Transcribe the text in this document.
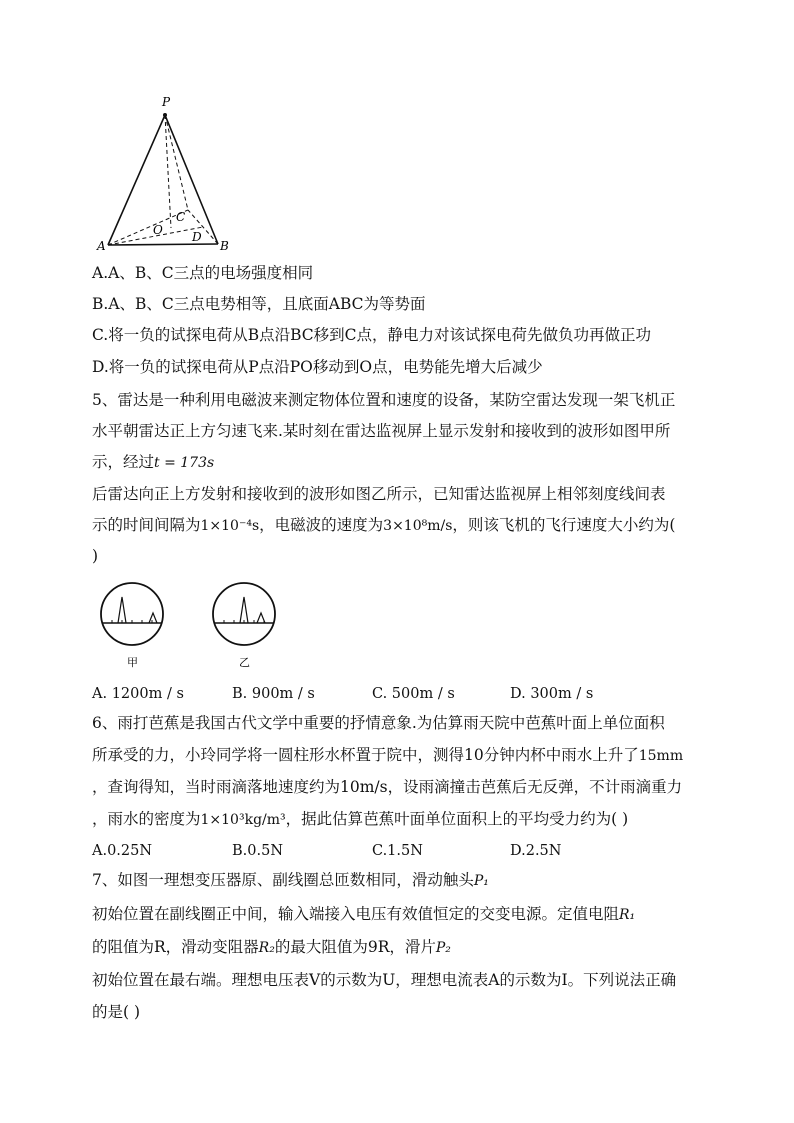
P
A	B
C
O D
A.A、B、C三点的电场强度相同
B.A、B、C三点电势相等，且底面ABC为等势面
C.将一负的试探电荷从B点沿BC移到C点，静电力对该试探电荷先做负功再做正功
D.将一负的试探电荷从P点沿PO移动到O点，电势能先增大后减少
5、雷达是一种利用电磁波来测定物体位置和速度的设备，某防空雷达发现一架飞机正
水平朝雷达正上方匀速飞来.某时刻在雷达监视屏上显示发射和接收到的波形如图甲所
示，经过t = 173s
后雷达向正上方发射和接收到的波形如图乙所示，已知雷达监视屏上相邻刻度线间表
示的时间间隔为1×10⁻⁴s，电磁波的速度为3×10⁸m/s，则该飞机的飞行速度大小约为(
)
甲	乙
A. 1200m / s	B. 900m / s	C. 500m / s	D. 300m / s
6、雨打芭蕉是我国古代文学中重要的抒情意象.为估算雨天院中芭蕉叶面上单位面积
所承受的力，小玲同学将一圆柱形水杯置于院中，测得10分钟内杯中雨水上升了15mm
，查询得知，当时雨滴落地速度约为10m/s，设雨滴撞击芭蕉后无反弹，不计雨滴重力
，雨水的密度为1×10³kg/m³，据此估算芭蕉叶面单位面积上的平均受力约为( )
A.0.25N	B.0.5N	C.1.5N	D.2.5N
7、如图一理想变压器原、副线圈总匝数相同，滑动触头P₁
初始位置在副线圈正中间，输入端接入电压有效值恒定的交变电源。定值电阻R₁
的阻值为R，滑动变阻器R₂的最大阻值为9R，滑片P₂
初始位置在最右端。理想电压表V的示数为U，理想电流表A的示数为I。下列说法正确
的是( )
